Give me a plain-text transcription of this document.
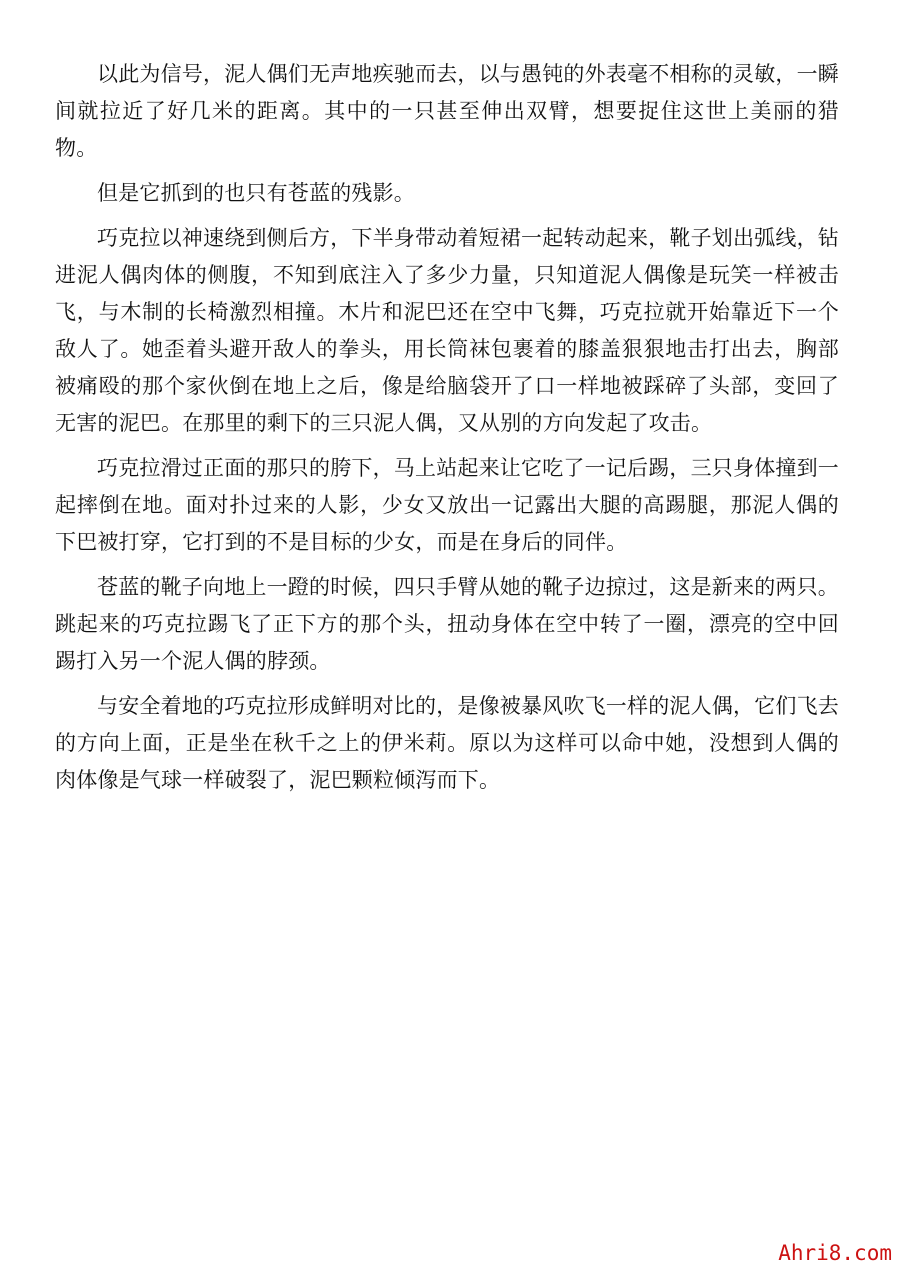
以此为信号，泥人偶们无声地疾驰而去，以与愚钝的外表毫不相称的灵敏，一瞬间就拉近了好几米的距离。其中的一只甚至伸出双臂，想要捉住这世上美丽的猎物。

但是它抓到的也只有苍蓝的残影。

巧克拉以神速绕到侧后方，下半身带动着短裙一起转动起来，靴子划出弧线，钻进泥人偶肉体的侧腹，不知到底注入了多少力量，只知道泥人偶像是玩笑一样被击飞，与木制的长椅激烈相撞。木片和泥巴还在空中飞舞，巧克拉就开始靠近下一个敌人了。她歪着头避开敌人的拳头，用长筒袜包裹着的膝盖狠狠地击打出去，胸部被痛殴的那个家伙倒在地上之后，像是给脑袋开了口一样地被踩碎了头部，变回了无害的泥巴。在那里的剩下的三只泥人偶，又从别的方向发起了攻击。

巧克拉滑过正面的那只的胯下，马上站起来让它吃了一记后踢，三只身体撞到一起摔倒在地。面对扑过来的人影，少女又放出一记露出大腿的高踢腿，那泥人偶的下巴被打穿，它打到的不是目标的少女，而是在身后的同伴。

苍蓝的靴子向地上一蹬的时候，四只手臂从她的靴子边掠过，这是新来的两只。跳起来的巧克拉踢飞了正下方的那个头，扭动身体在空中转了一圈，漂亮的空中回踢打入另一个泥人偶的脖颈。

与安全着地的巧克拉形成鲜明对比的，是像被暴风吹飞一样的泥人偶，它们飞去的方向上面，正是坐在秋千之上的伊米莉。原以为这样可以命中她，没想到人偶的肉体像是气球一样破裂了，泥巴颗粒倾泻而下。

Ahri8.com
